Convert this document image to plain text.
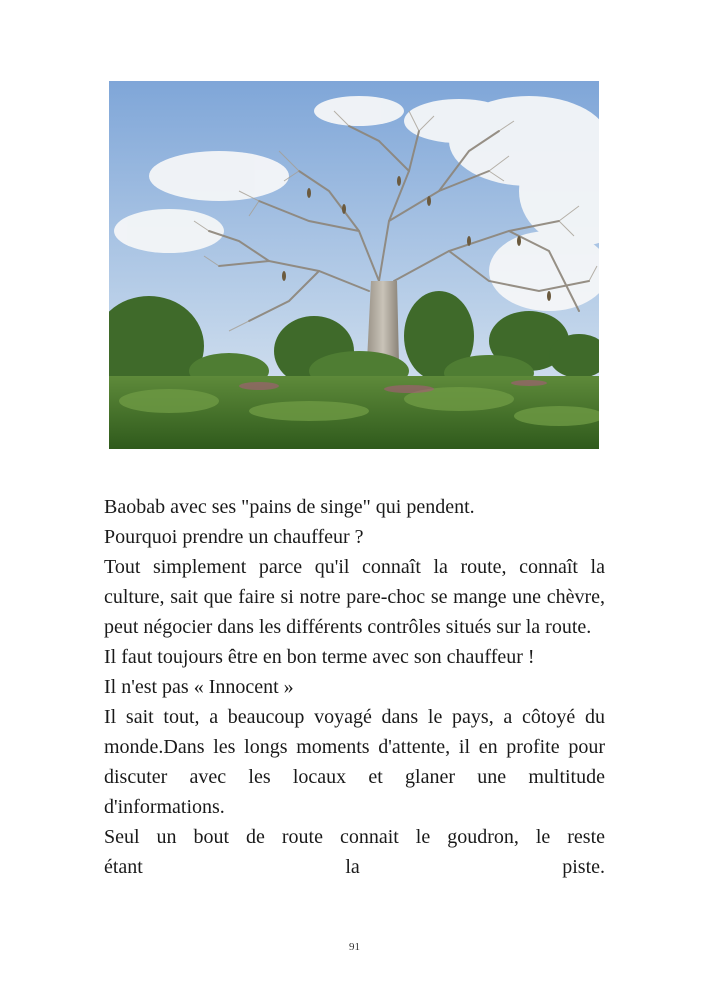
Baobab avec ses "pains de singe" qui pendent.

Pourquoi prendre un chauffeur ?

Tout simplement parce qu'il connaît la route, connaît la culture, sait que faire si notre pare-choc se mange une chèvre, peut négocier dans les différents contrôles situés sur la route.

Il faut toujours être en bon terme avec son chauffeur !

Il n'est pas « Innocent »

Il sait tout, a beaucoup voyagé dans le pays, a côtoyé du monde.Dans les longs moments d'attente, il en profite pour discuter avec les locaux et glaner une multitude d'informations.

Seul un bout de route connait le goudron, le reste

étant la piste.

91
